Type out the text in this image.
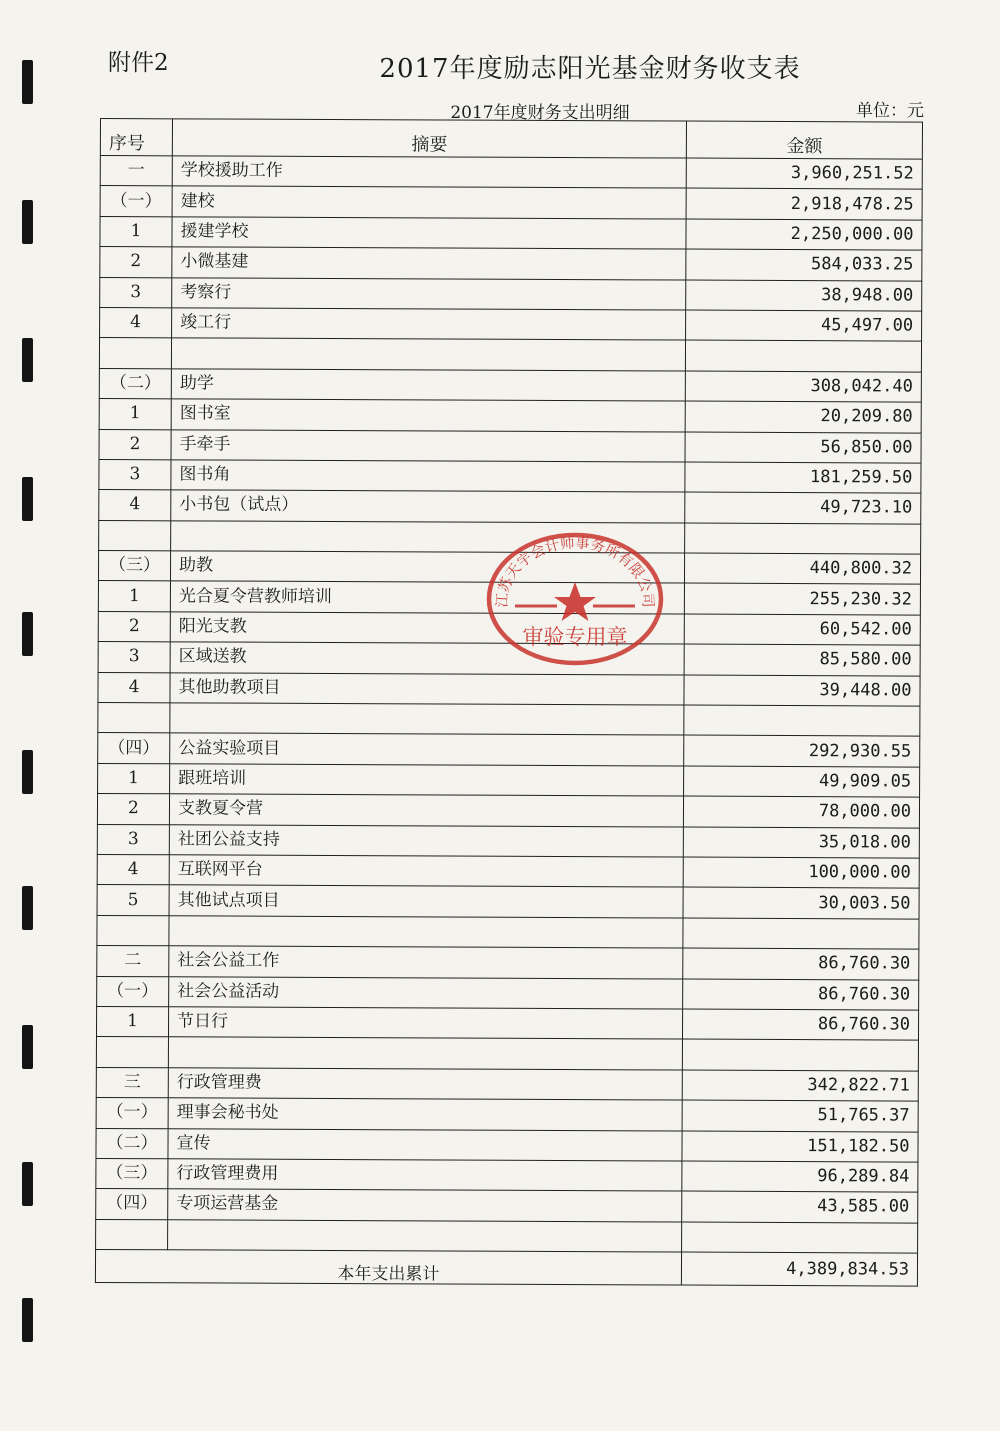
附件2	2017年度励志阳光基金财务收支表
2017年度财务支出明细	单位：元
序号	摘要	金额
一	学校援助工作	3,960,251.52
（一）	建校	2,918,478.25
1	援建学校	2,250,000.00
2	小微基建	584,033.25
3	考察行	38,948.00
4	竣工行	45,497.00

（二）	助学	308,042.40
1	图书室	20,209.80
2	手牵手	56,850.00
3	图书角	181,259.50
4	小书包（试点）	49,723.10

（三）	助教	440,800.32
1	光合夏令营教师培训	255,230.32
2	阳光支教	60,542.00
3	区域送教	85,580.00
4	其他助教项目	39,448.00

（四）	公益实验项目	292,930.55
1	跟班培训	49,909.05
2	支教夏令营	78,000.00
3	社团公益支持	35,018.00
4	互联网平台	100,000.00
5	其他试点项目	30,003.50

二	社会公益工作	86,760.30
（一）	社会公益活动	86,760.30
1	节日行	86,760.30

三	行政管理费	342,822.71
（一）	理事会秘书处	51,765.37
（二）	宣传	151,182.50
（三）	行政管理费用	96,289.84
（四）	专项运营基金	43,585.00

本年支出累计		4,389,834.53
江苏天宇会计师事务所有限公司
审验专用章
